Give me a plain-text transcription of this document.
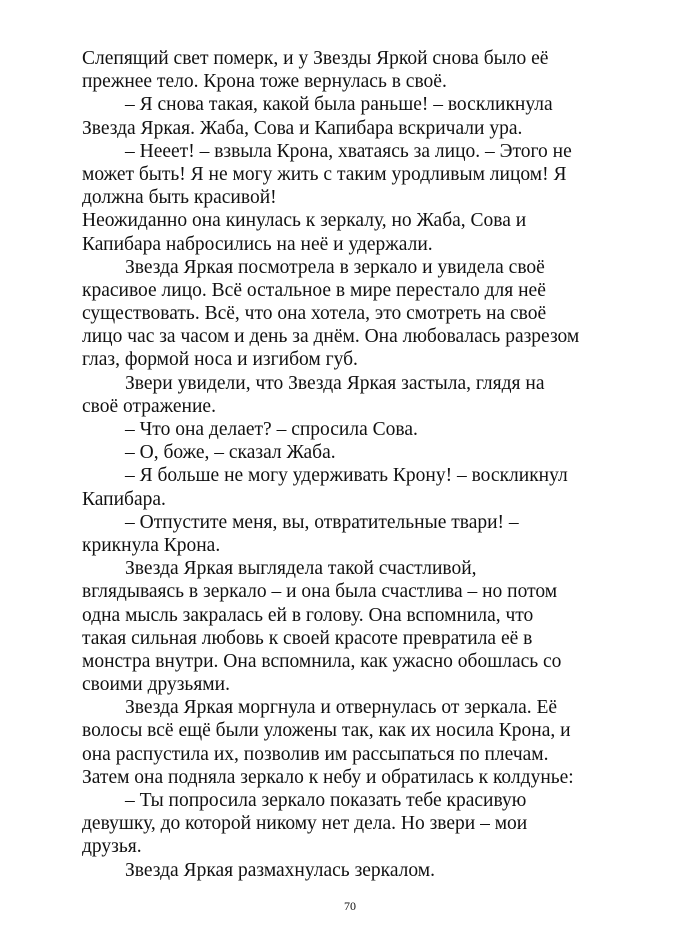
Слепящий свет померк, и у Звезды Яркой снова было её
прежнее тело. Крона тоже вернулась в своё.
– Я снова такая, какой была раньше! – воскликнула
Звезда Яркая. Жаба, Сова и Капибара вскричали ура.
– Нееет! – взвыла Крона, хватаясь за лицо. – Этого не
может быть! Я не могу жить с таким уродливым лицом! Я
должна быть красивой!
Неожиданно она кинулась к зеркалу, но Жаба, Сова и
Капибара набросились на неё и удержали.
Звезда Яркая посмотрела в зеркало и увидела своё
красивое лицо. Всё остальное в мире перестало для неё
существовать. Всё, что она хотела, это смотреть на своё
лицо час за часом и день за днём. Она любовалась разрезом
глаз, формой носа и изгибом губ.
Звери увидели, что Звезда Яркая застыла, глядя на
своё отражение.
– Что она делает? – спросила Сова.
– О, боже, – сказал Жаба.
– Я больше не могу удерживать Крону! – воскликнул
Капибара.
– Отпустите меня, вы, отвратительные твари! –
крикнула Крона.
Звезда Яркая выглядела такой счастливой,
вглядываясь в зеркало – и она была счастлива – но потом
одна мысль закралась ей в голову. Она вспомнила, что
такая сильная любовь к своей красоте превратила её в
монстра внутри. Она вспомнила, как ужасно обошлась со
своими друзьями.
Звезда Яркая моргнула и отвернулась от зеркала. Её
волосы всё ещё были уложены так, как их носила Крона, и
она распустила их, позволив им рассыпаться по плечам.
Затем она подняла зеркало к небу и обратилась к колдунье:
– Ты попросила зеркало показать тебе красивую
девушку, до которой никому нет дела. Но звери – мои
друзья.
Звезда Яркая размахнулась зеркалом.
70
